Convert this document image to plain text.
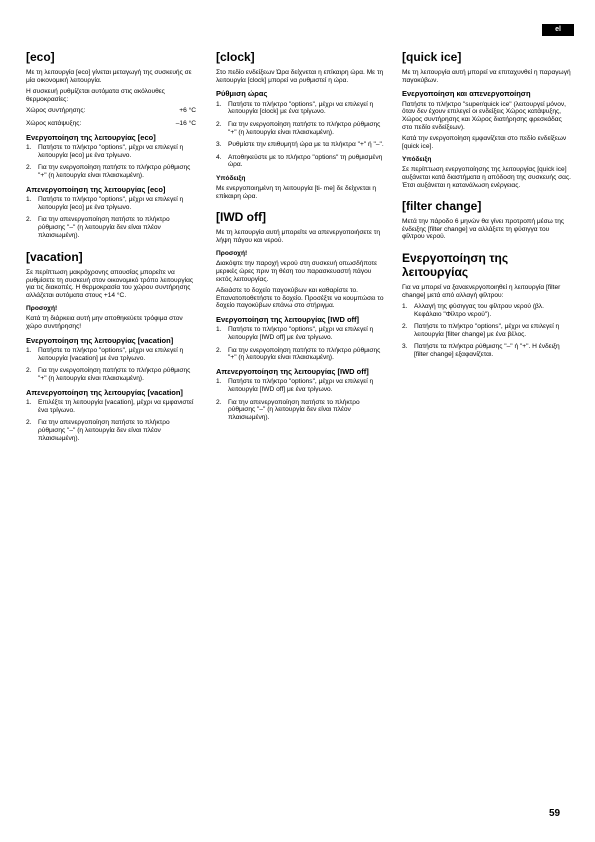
el
[eco]

Με τη λειτουργία [eco] γίνεται μεταγωγή της συσκευής σε μία οικονομική λειτουργία.

Η συσκευή ρυθμίζεται αυτόματα στις ακόλουθες θερμοκρασίες:

Χώρος συντήρησης:	+6 °C
Χώρος κατάψυξης:	–16 °C
Ενεργοποίηση της λειτουργίας [eco]
1. Πατήστε το πλήκτρο "options", μέχρι να επιλεγεί η λειτουργία [eco] με ένα τρίγωνο.
2. Για την ενεργοποίηση πατήστε το πλήκτρο ρύθμισης "+" (η λειτουργία είναι πλαισιωμένη).
Απενεργοποίηση της λειτουργίας [eco]
1. Πατήστε το πλήκτρο "options", μέχρι να επιλεγεί η λειτουργία [eco] με ένα τρίγωνο.
2. Για την απενεργοποίηση πατήστε το πλήκτρο ρύθμισης "–" (η λειτουργία δεν είναι πλέον πλαισιωμένη).
[vacation]

Σε περίπτωση μακρόχρονης απουσίας μπορείτε να ρυθμίσετε τη συσκευή στον οικονομικό τρόπο λειτουργίας για τις διακοπές. Η θερμοκρασία του χώρου συντήρησης αλλάζεται αυτόματα στους +14 °C.

Προσοχή!

Κατά τη διάρκεια αυτή μην αποθηκεύετε τρόφιμα στον χώρο συντήρησης!

Ενεργοποίηση της λειτουργίας [vacation]
1. Πατήστε το πλήκτρο "options", μέχρι να επιλεγεί η λειτουργία [vacation] με ένα τρίγωνο.
2. Για την ενεργοποίηση πατήστε το πλήκτρο ρύθμισης "+" (η λειτουργία είναι πλαισιωμένη).
Απενεργοποίηση της λειτουργίας [vacation]
1. Επιλέξτε τη λειτουργία [vacation], μέχρι να εμφανιστεί ένα τρίγωνο.
2. Για την απενεργοποίηση πατήστε το πλήκτρο ρύθμισης "–" (η λειτουργία δεν είναι πλέον πλαισιωμένη).
[clock]

Στο πεδίο ενδείξεων Ώρα δείχνεται η επίκαιρη ώρα. Με τη λειτουργία [clock] μπορεί να ρυθμιστεί η ώρα.

Ρύθμιση ώρας
1. Πατήστε το πλήκτρο "options", μέχρι να επιλεγεί η λειτουργία [clock] με ένα τρίγωνο.
2. Για την ενεργοποίηση πατήστε το πλήκτρο ρύθμισης "+" (η λειτουργία είναι πλαισιωμένη).
3. Ρυθμίστε την επιθυμητή ώρα με τα πλήκτρα "+" ή "–".
4. Αποθηκεύστε με το πλήκτρο "options" τη ρυθμισμένη ώρα.
Υπόδειξη

Με ενεργοποιημένη τη λειτουργία [ti- me] δε δείχνεται η επίκαιρη ώρα.

[IWD off]

Με τη λειτουργία αυτή μπορείτε να απενεργοποιήσετε τη λήψη πάγου και νερού.

Προσοχή!

Διακόψτε την παροχή νερού στη συσκευή οπωσδήποτε μερικές ώρες πριν τη θέση του παρασκευαστή πάγου εκτός λειτουργίας.

Αδειάστε το δοχείο παγοκύβων και καθαρίστε το. Επανατοποθετήστε το δοχείο. Προσέξτε να κουμπώσει το δοχείο παγοκύβων επάνω στο στήριγμα.

Ενεργοποίηση της λειτουργίας [IWD off]
1. Πατήστε το πλήκτρο "options", μέχρι να επιλεγεί η λειτουργία [IWD off] με ένα τρίγωνο.
2. Για την ενεργοποίηση πατήστε το πλήκτρο ρύθμισης "+" (η λειτουργία είναι πλαισιωμένη).
Απενεργοποίηση της λειτουργίας [IWD off]
1. Πατήστε το πλήκτρο "options", μέχρι να επιλεγεί η λειτουργία [IWD off] με ένα τρίγωνο.
2. Για την απενεργοποίηση πατήστε το πλήκτρο ρύθμισης "–" (η λειτουργία δεν είναι πλέον πλαισιωμένη).
[quick ice]

Με τη λειτουργία αυτή μπορεί να επιταχυνθεί η παραγωγή παγοκύβων.

Ενεργοποίηση και απενεργοποίηση

Πατήστε το πλήκτρο "super/quick ice" (λειτουργεί μόνον, όταν δεν έχουν επιλεγεί οι ενδείξεις Χώρος κατάψυξης, Χώρος συντήρησης και Χώρος διατήρησης φρεσκάδας στο πεδίο ενδείξεων).

Κατά την ενεργοποίηση εμφανίζεται στο πεδίο ενδείξεων [quick ice].

Υπόδειξη

Σε περίπτωση ενεργοποίησης της λειτουργίας [quick ice] αυξάνεται κατά διαστήματα η απόδοση της συσκευής σας. Έτσι αυξάνεται η κατανάλωση ενέργειας.

[filter change]

Μετά την πάροδο 6 μηνών θα γίνει προτροπή μέσω της ένδειξης [filter change] να αλλάξετε τη φύσιγγα του φίλτρου νερού.

Ενεργοποίηση της λειτουργίας

Για να μπορεί να ξαναενεργοποιηθεί η λειτουργία [filter change] μετά από αλλαγή φίλτρου:

1. Αλλαγή της φύσιγγας του φίλτρου νερού (βλ. Κεφάλαιο "Φίλτρο νερού").
2. Πατήστε το πλήκτρο "options", μέχρι να επιλεγεί η λειτουργία [filter change] με ένα βέλος.
3. Πατήστε τα πλήκτρα ρύθμισης "–" ή "+". Η ένδειξη [filter change] εξαφανίζεται.
59
